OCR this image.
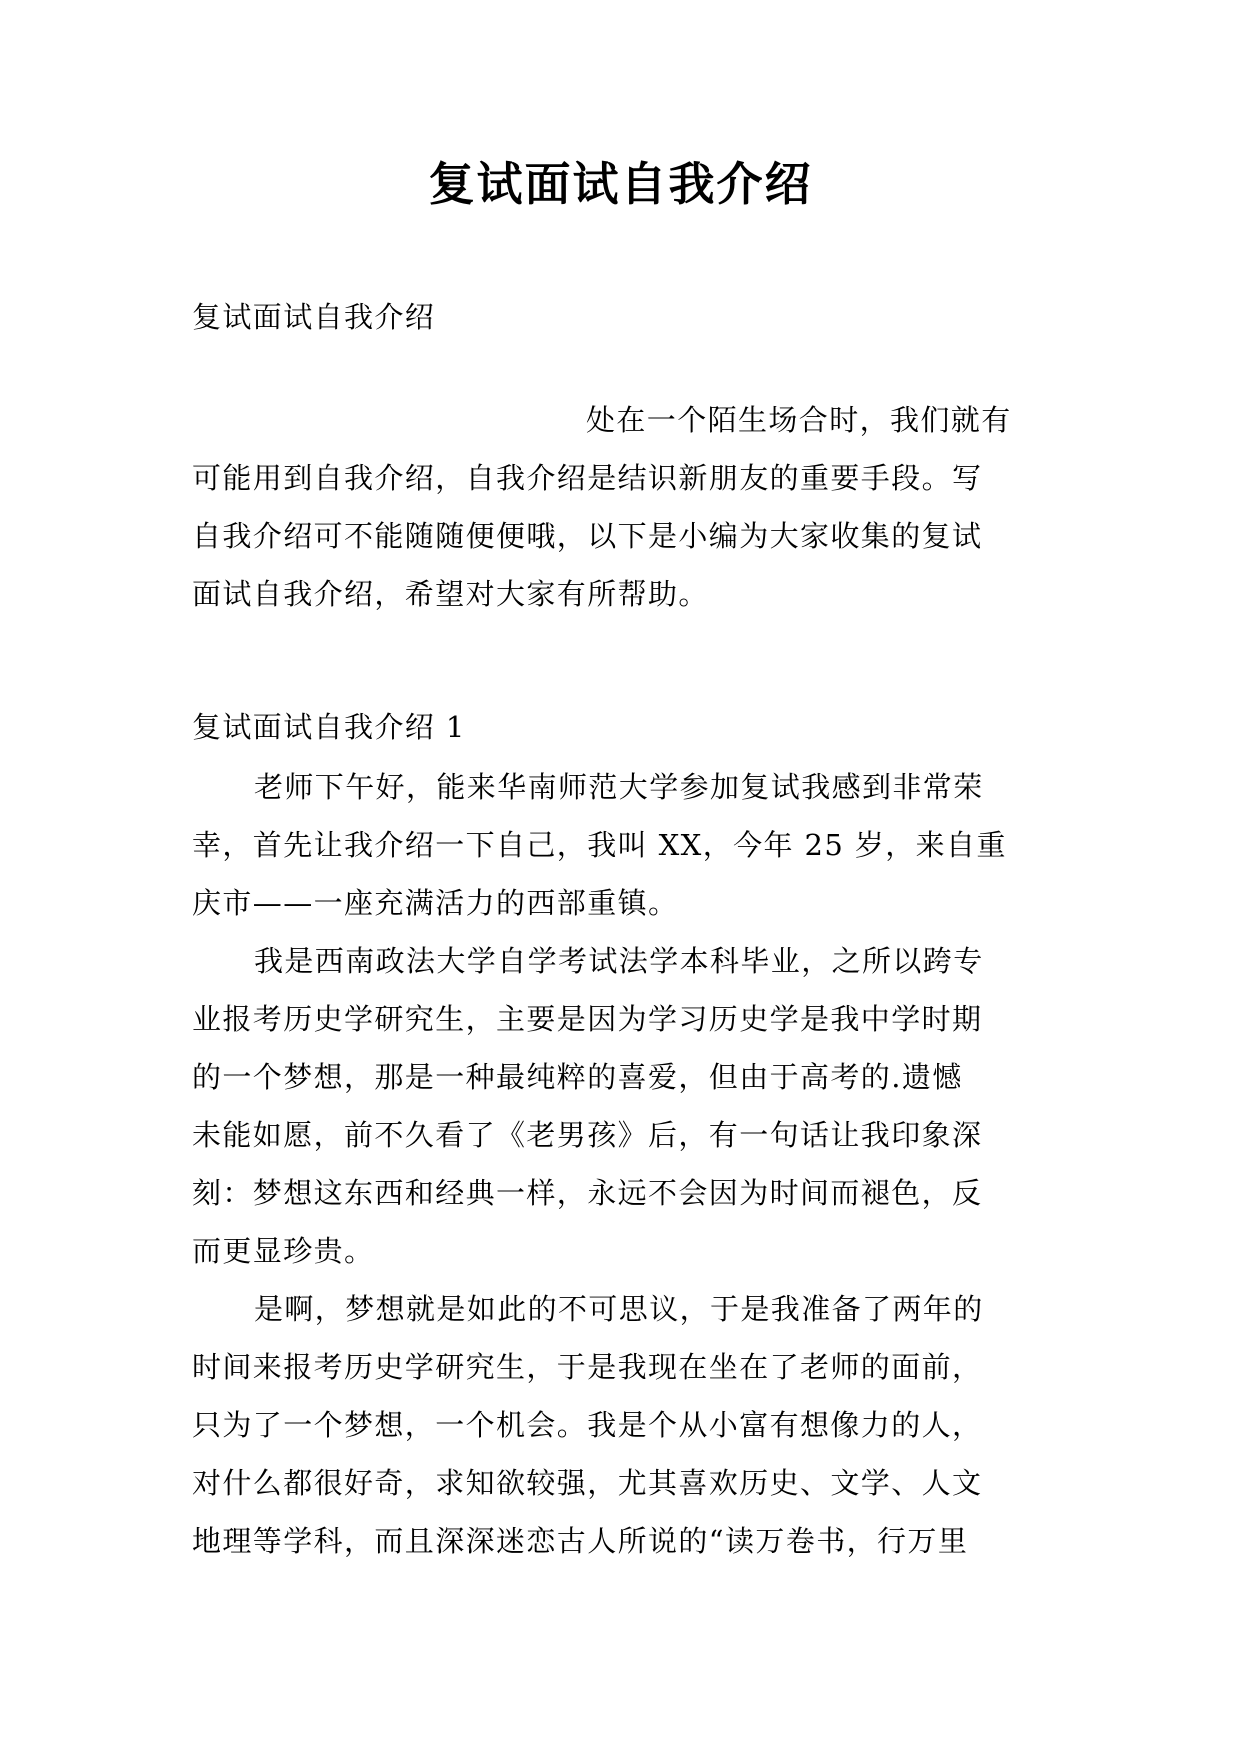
复试面试自我介绍
复试面试自我介绍
处在一个陌生场合时，我们就有
可能用到自我介绍，自我介绍是结识新朋友的重要手段。写
自我介绍可不能随随便便哦，以下是小编为大家收集的复试
面试自我介绍，希望对大家有所帮助。
复试面试自我介绍 1
老师下午好，能来华南师范大学参加复试我感到非常荣
幸，首先让我介绍一下自己，我叫 XX，今年 25 岁，来自重
庆市——一座充满活力的西部重镇。
我是西南政法大学自学考试法学本科毕业，之所以跨专
业报考历史学研究生，主要是因为学习历史学是我中学时期
的一个梦想，那是一种最纯粹的喜爱，但由于高考的.遗憾
未能如愿，前不久看了《老男孩》后，有一句话让我印象深
刻：梦想这东西和经典一样，永远不会因为时间而褪色，反
而更显珍贵。
是啊，梦想就是如此的不可思议，于是我准备了两年的
时间来报考历史学研究生，于是我现在坐在了老师的面前，
只为了一个梦想，一个机会。我是个从小富有想像力的人，
对什么都很好奇，求知欲较强，尤其喜欢历史、文学、人文
地理等学科，而且深深迷恋古人所说的“读万卷书，行万里
